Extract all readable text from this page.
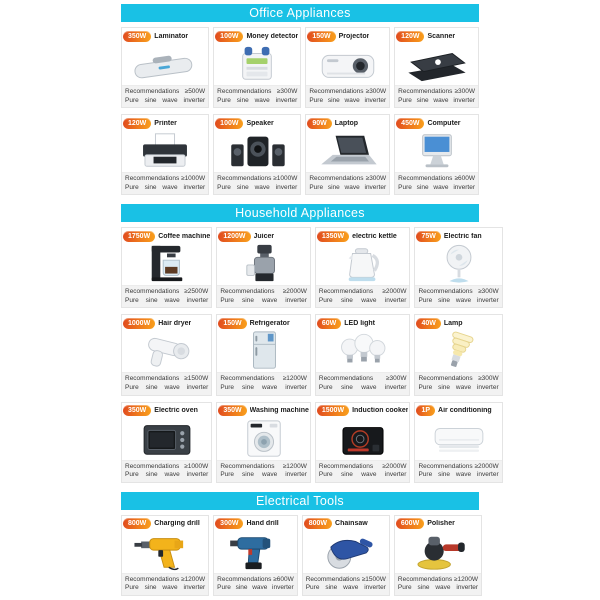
Office Appliances
350W	Laminator
Recommendations ≥500W
Pure sine wave inverter
100W	Money detector
Recommendations ≥300W
Pure sine wave inverter
150W	Projector
Recommendations ≥300W
Pure sine wave inverter
120W	Scanner
Recommendations ≥300W
Pure sine wave inverter
120W	Printer
Recommendations ≥1000W
Pure sine wave inverter
100W	Speaker
Recommendations ≥1000W
Pure sine wave inverter
90W	Laptop
Recommendations ≥300W
Pure sine wave inverter
450W	Computer
Recommendations ≥600W
Pure sine wave inverter
Household Appliances
1750W	Coffee machine
Recommendations ≥2500W
Pure sine wave inverter
1200W	Juicer
Recommendations ≥2000W
Pure sine wave inverter
1350W	electric kettle
Recommendations ≥2000W
Pure sine wave inverter
75W	Electric fan
Recommendations ≥300W
Pure sine wave inverter
1000W	Hair dryer
Recommendations ≥1500W
Pure sine wave inverter
150W	Refrigerator
Recommendations ≥1200W
Pure sine wave inverter
60W	LED light
Recommendations ≥300W
Pure sine wave inverter
40W	Lamp
Recommendations ≥300W
Pure sine wave inverter
350W	Electric oven
Recommendations ≥1000W
Pure sine wave inverter
350W	Washing machine
Recommendations ≥1200W
Pure sine wave inverter
1500W	Induction cooker
Recommendations ≥2000W
Pure sine wave inverter
1P	Air conditioning
Recommendations ≥2000W
Pure sine wave inverter
Electrical Tools
800W	Charging drill
Recommendations ≥1200W
Pure sine wave inverter
300W	Hand drill
Recommendations ≥600W
Pure sine wave inverter
800W	Chainsaw
Recommendations ≥1500W
Pure sine wave inverter
600W	Polisher
Recommendations ≥1200W
Pure sine wave inverter
